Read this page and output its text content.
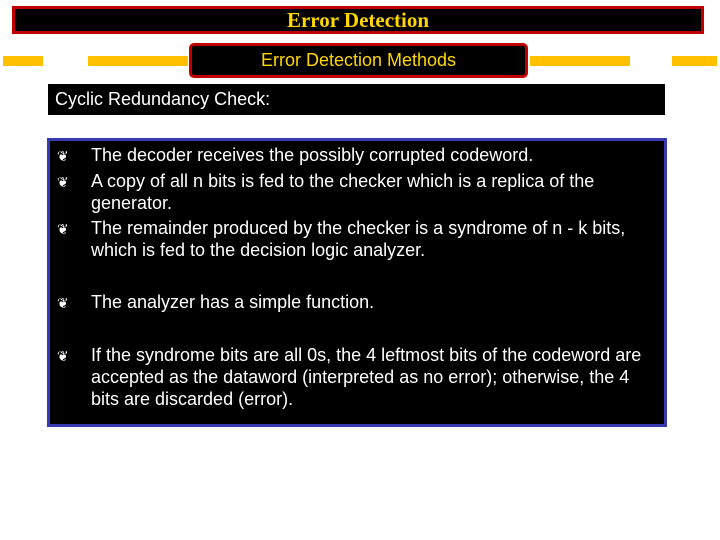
Error Detection
Error Detection Methods
Cyclic Redundancy Check:
❦	The decoder receives the possibly corrupted codeword.
❦	A copy of all n bits is fed to the checker which is a replica of the generator.
❦	The remainder produced by the checker is a syndrome of n - k bits, which is fed to the decision logic analyzer.
❦	The analyzer has a simple function.
❦	If the syndrome bits are all 0s, the 4 leftmost bits of the codeword are accepted as the dataword (interpreted as no error); otherwise, the 4 bits are discarded (error).
